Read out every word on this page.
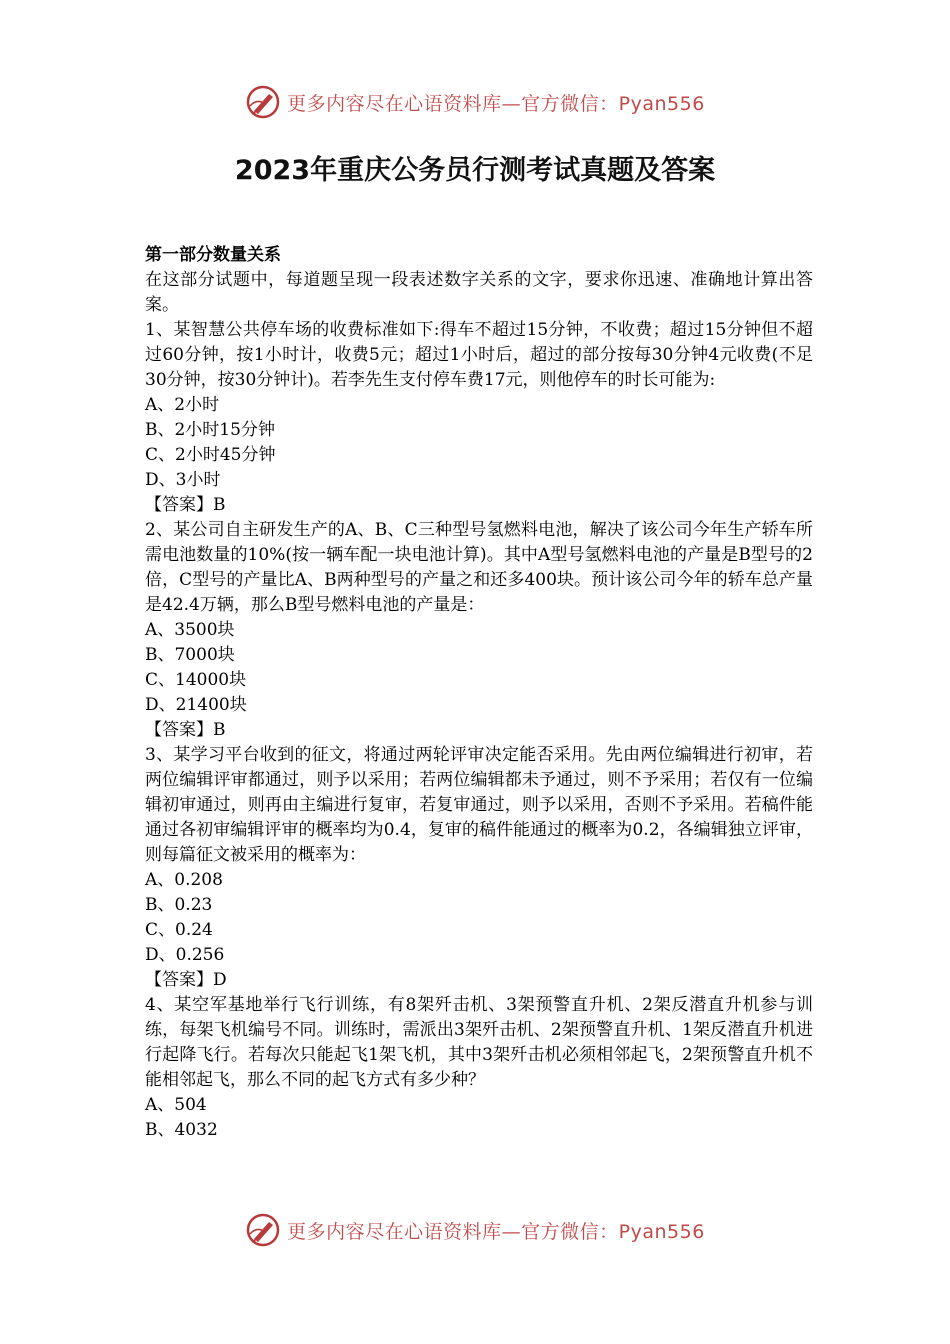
更多内容尽在心语资料库—官方微信：Pyan556
2023年重庆公务员行测考试真题及答案

第一部分数量关系

在这部分试题中，每道题呈现一段表述数字关系的文字，要求你迅速、准确地计算出答案。

1、某智慧公共停车场的收费标准如下:得车不超过15分钟，不收费；超过15分钟但不超过60分钟，按1小时计，收费5元；超过1小时后，超过的部分按每30分钟4元收费(不足30分钟，按30分钟计)。若李先生支付停车费17元，则他停车的时长可能为:

A、2小时

B、2小时15分钟

C、2小时45分钟

D、3小时

【答案】B

2、某公司自主研发生产的A、B、C三种型号氢燃料电池，解决了该公司今年生产轿车所需电池数量的10%(按一辆车配一块电池计算)。其中A型号氢燃料电池的产量是B型号的2倍，C型号的产量比A、B两种型号的产量之和还多400块。预计该公司今年的轿车总产量是42.4万辆，那么B型号燃料电池的产量是：

A、3500块

B、7000块

C、14000块

D、21400块

【答案】B

3、某学习平台收到的征文，将通过两轮评审决定能否采用。先由两位编辑进行初审，若两位编辑评审都通过，则予以采用；若两位编辑都未予通过，则不予采用；若仅有一位编辑初审通过，则再由主编进行复审，若复审通过，则予以采用，否则不予采用。若稿件能通过各初审编辑评审的概率均为0.4，复审的稿件能通过的概率为0.2，各编辑独立评审，则每篇征文被采用的概率为：

A、0.208

B、0.23

C、0.24

D、0.256

【答案】D

4、某空军基地举行飞行训练，有8架歼击机、3架预警直升机、2架反潜直升机参与训练，每架飞机编号不同。训练时，需派出3架歼击机、2架预警直升机、1架反潜直升机进行起降飞行。若每次只能起飞1架飞机，其中3架歼击机必须相邻起飞，2架预警直升机不能相邻起飞，那么不同的起飞方式有多少种？

A、504

B、4032

更多内容尽在心语资料库—官方微信：Pyan556
